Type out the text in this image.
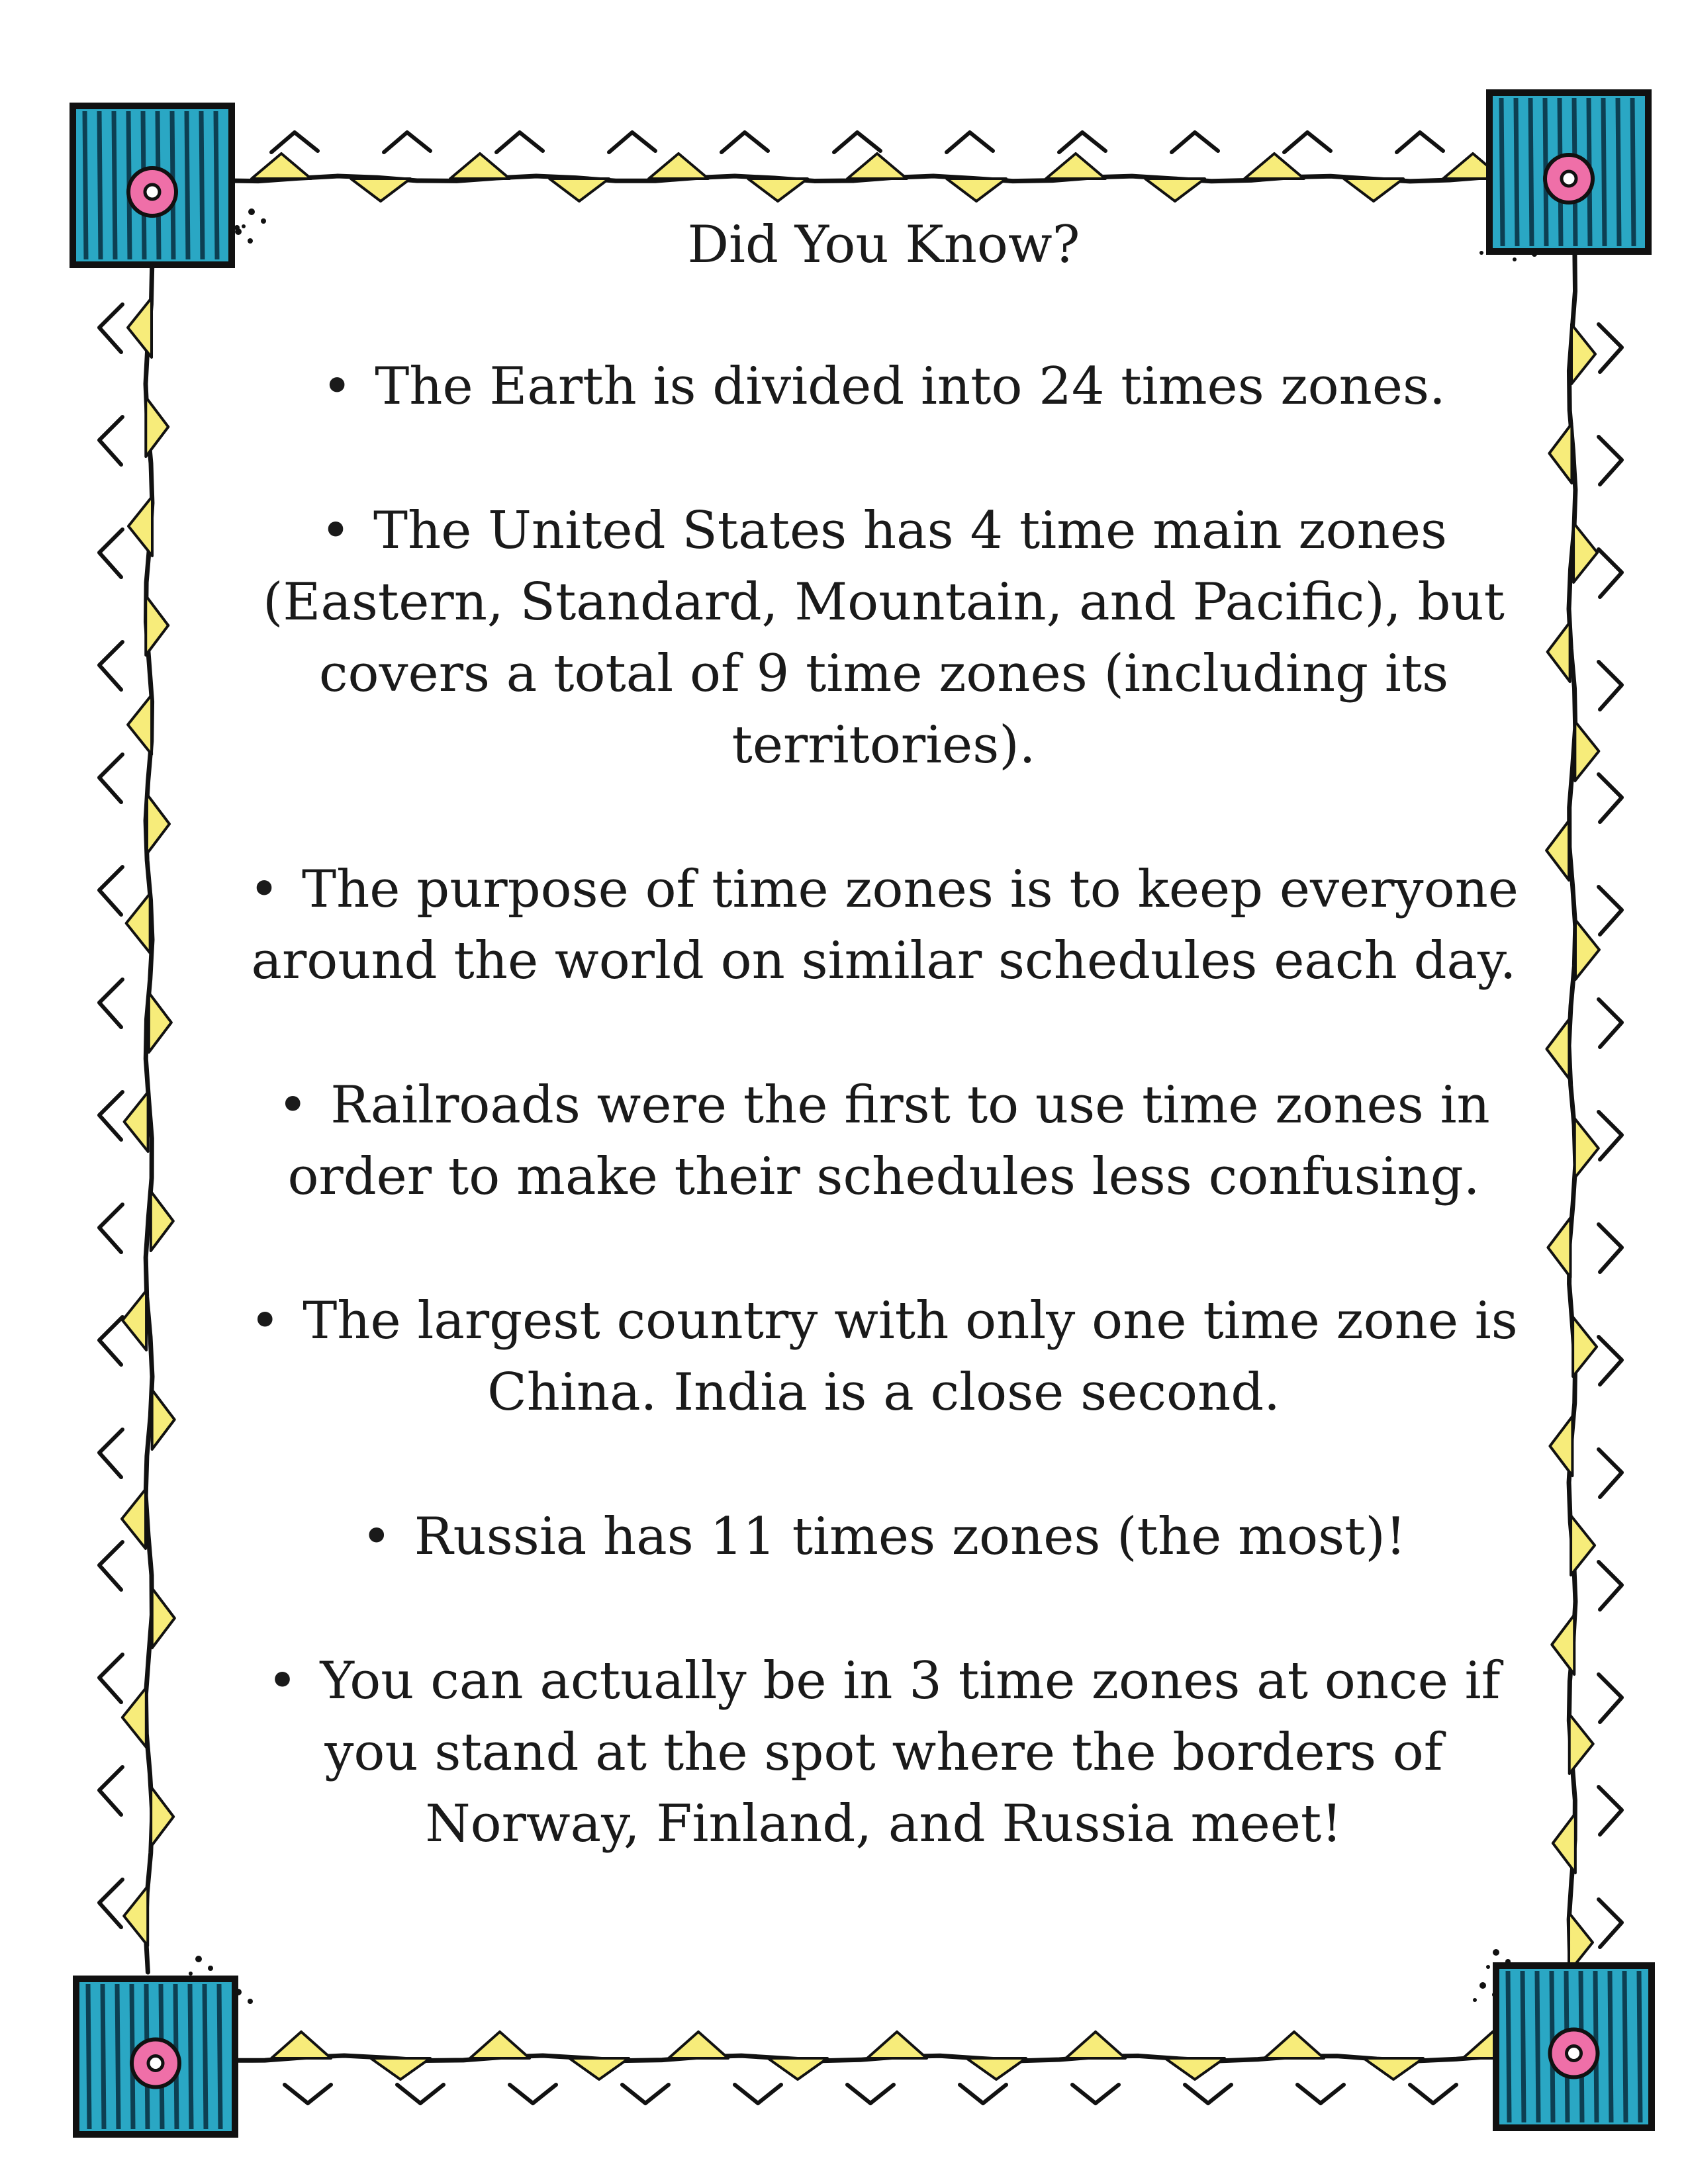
Did You Know?
• The Earth is divided into 24 times zones.
• The United States has 4 time main zones (Eastern, Standard, Mountain, and Pacific), but covers a total of 9 time zones (including its territories).
• The purpose of time zones is to keep everyone around the world on similar schedules each day.
• Railroads were the first to use time zones in order to make their schedules less confusing.
• The largest country with only one time zone is China. India is a close second.
• Russia has 11 times zones (the most)!
• You can actually be in 3 time zones at once if you stand at the spot where the borders of Norway, Finland, and Russia meet!
